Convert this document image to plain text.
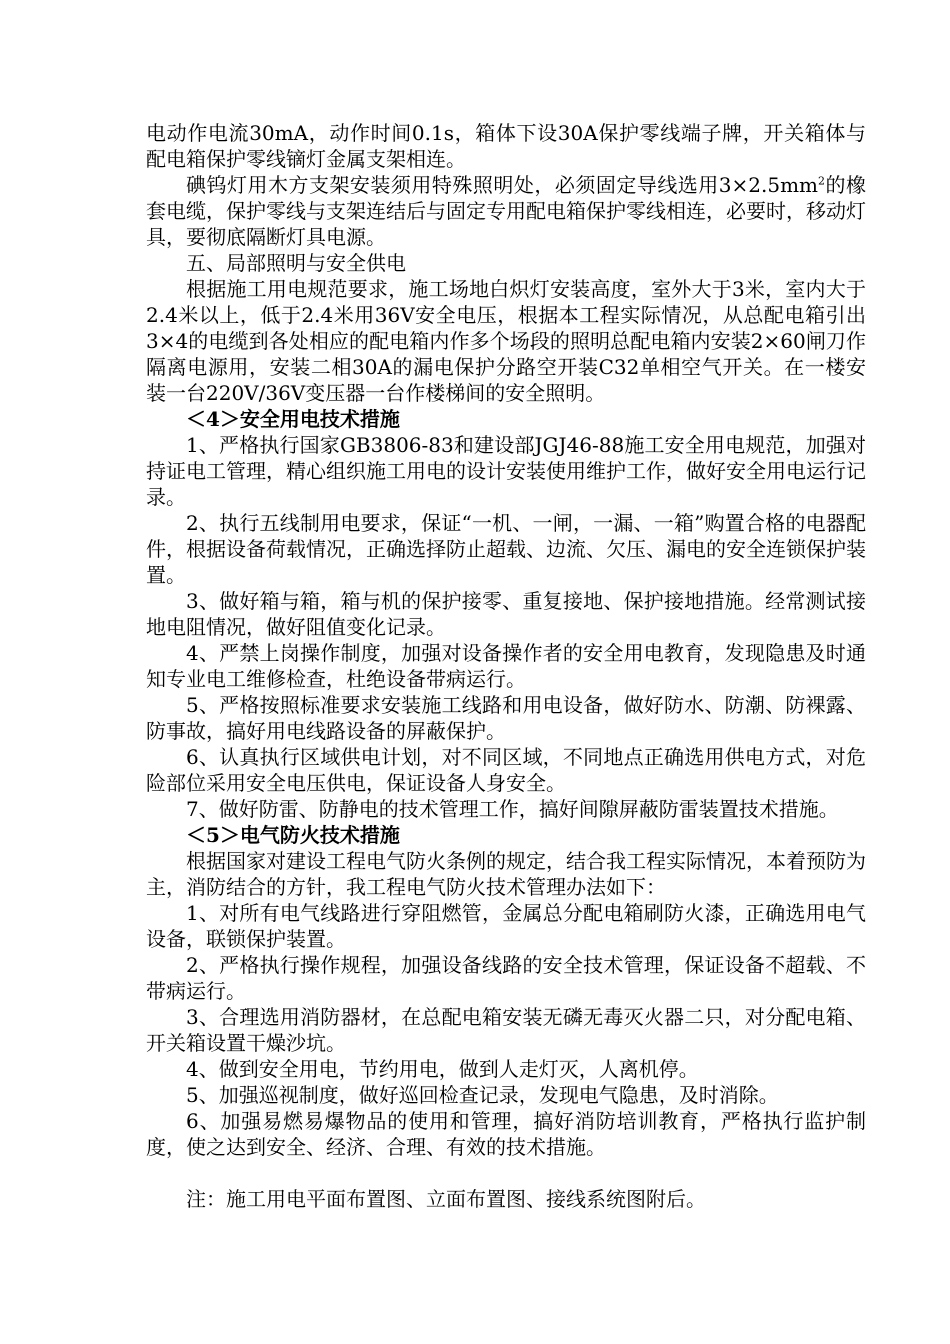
电动作电流30mA，动作时间0.1s，箱体下设30A保护零线端子牌，开关箱体与配电箱保护零线镝灯金属支架相连。

碘钨灯用木方支架安装须用特殊照明处，必须固定导线选用$3\times 2.5mm^2$的橡套电缆，保护零线与支架连结后与固定专用配电箱保护零线相连，必要时，移动灯具，要彻底隔断灯具电源。

五、局部照明与安全供电

根据施工用电规范要求，施工场地白炽灯安装高度，室外大于3米，室内大于2.4米以上，低于2.4米用36V安全电压，根据本工程实际情况，从总配电箱引出3×4的电缆到各处相应的配电箱内作多个场段的照明总配电箱内安装2×60闸刀作隔离电源用，安装二相30A的漏电保护分路空开装C32单相空气开关。在一楼安装一台220V/36V变压器一台作楼梯间的安全照明。

＜4＞安全用电技术措施

1、严格执行国家GB3806-83和建设部JGJ46-88施工安全用电规范，加强对持证电工管理，精心组织施工用电的设计安装使用维护工作，做好安全用电运行记录。

2、执行五线制用电要求，保证“一机、一闸，一漏、一箱”购置合格的电器配件，根据设备荷载情况，正确选择防止超载、边流、欠压、漏电的安全连锁保护装置。

3、做好箱与箱，箱与机的保护接零、重复接地、保护接地措施。经常测试接地电阻情况，做好阻值变化记录。

4、严禁上岗操作制度，加强对设备操作者的安全用电教育，发现隐患及时通知专业电工维修检查，杜绝设备带病运行。

5、严格按照标准要求安装施工线路和用电设备，做好防水、防潮、防裸露、防事故，搞好用电线路设备的屏蔽保护。

6、认真执行区域供电计划，对不同区域，不同地点正确选用供电方式，对危险部位采用安全电压供电，保证设备人身安全。

7、做好防雷、防静电的技术管理工作，搞好间隙屏蔽防雷装置技术措施。

＜5＞电气防火技术措施

根据国家对建设工程电气防火条例的规定，结合我工程实际情况，本着预防为主，消防结合的方针，我工程电气防火技术管理办法如下：

1、对所有电气线路进行穿阻燃管，金属总分配电箱刷防火漆，正确选用电气设备，联锁保护装置。

2、严格执行操作规程，加强设备线路的安全技术管理，保证设备不超载、不带病运行。

3、合理选用消防器材，在总配电箱安装无磷无毒灭火器二只，对分配电箱、开关箱设置干燥沙坑。

4、做到安全用电，节约用电，做到人走灯灭，人离机停。

5、加强巡视制度，做好巡回检查记录，发现电气隐患，及时消除。

6、加强易燃易爆物品的使用和管理，搞好消防培训教育，严格执行监护制度，使之达到安全、经济、合理、有效的技术措施。

注：施工用电平面布置图、立面布置图、接线系统图附后。
